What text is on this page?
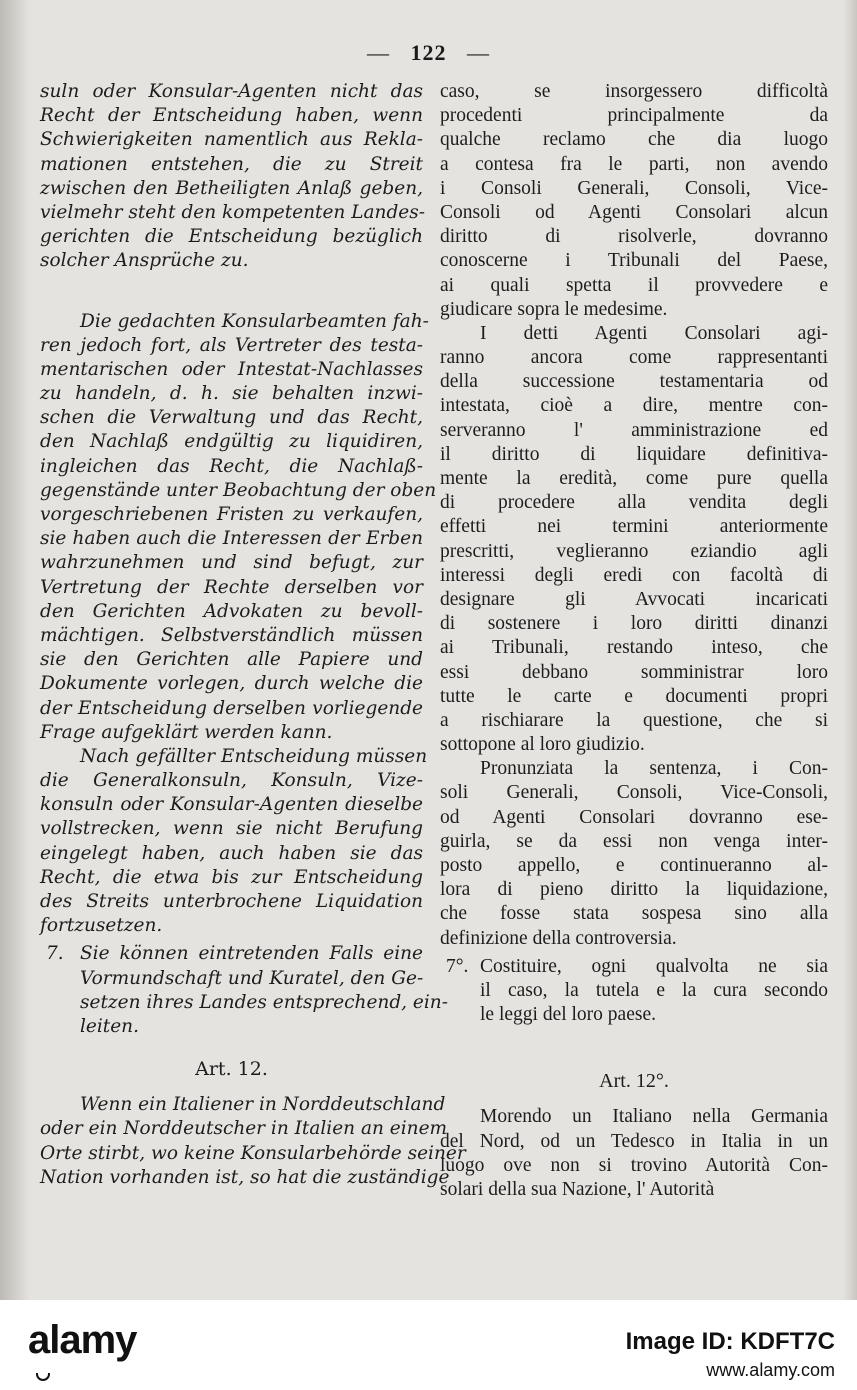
— 122 —
suln oder Konsular-Agenten nicht das
Recht der Entscheidung haben, wenn
Schwierigkeiten namentlich aus Rekla-
mationen entstehen, die zu Streit
zwischen den Betheiligten Anlaß geben,
vielmehr steht den kompetenten Landes-
gerichten die Entscheidung bezüglich
solcher Ansprüche zu.
Die gedachten Konsularbeamten fah-
ren jedoch fort, als Vertreter des testa-
mentarischen oder Intestat-Nachlasses
zu handeln, d. h. sie behalten inzwi-
schen die Verwaltung und das Recht,
den Nachlaß endgültig zu liquidiren,
ingleichen das Recht, die Nachlaß-
gegenstände unter Beobachtung der oben
vorgeschriebenen Fristen zu verkaufen,
sie haben auch die Interessen der Erben
wahrzunehmen und sind befugt, zur
Vertretung der Rechte derselben vor
den Gerichten Advokaten zu bevoll-
mächtigen. Selbstverständlich müssen
sie den Gerichten alle Papiere und
Dokumente vorlegen, durch welche die
der Entscheidung derselben vorliegende
Frage aufgeklärt werden kann.
Nach gefällter Entscheidung müssen
die Generalkonsuln, Konsuln, Vize-
konsuln oder Konsular-Agenten dieselbe
vollstrecken, wenn sie nicht Berufung
eingelegt haben, auch haben sie das
Recht, die etwa bis zur Entscheidung
des Streits unterbrochene Liquidation
fortzusetzen.
7. Sie können eintretenden Falls eine
Vormundschaft und Kuratel, den Ge-
setzen ihres Landes entsprechend, ein-
leiten.
Art. 12.
Wenn ein Italiener in Norddeutschland
oder ein Norddeutscher in Italien an einem
Orte stirbt, wo keine Konsularbehörde seiner
Nation vorhanden ist, so hat die zuständige
caso, se insorgessero difficoltà
procedenti principalmente da
qualche reclamo che dia luogo
a contesa fra le parti, non avendo
i Consoli Generali, Consoli, Vice-
Consoli od Agenti Consolari alcun
diritto di risolverle, dovranno
conoscerne i Tribunali del Paese,
ai quali spetta il provvedere e
giudicare sopra le medesime.
I detti Agenti Consolari agi-
ranno ancora come rappresentanti
della successione testamentaria od
intestata, cioè a dire, mentre con-
serveranno l' amministrazione ed
il diritto di liquidare definitiva-
mente la eredità, come pure quella
di procedere alla vendita degli
effetti nei termini anteriormente
prescritti, veglieranno eziandio agli
interessi degli eredi con facoltà di
designare gli Avvocati incaricati
di sostenere i loro diritti dinanzi
ai Tribunali, restando inteso, che
essi debbano somministrar loro
tutte le carte e documenti propri
a rischiarare la questione, che si
sottopone al loro giudizio.
Pronunziata la sentenza, i Con-
soli Generali, Consoli, Vice-Consoli,
od Agenti Consolari dovranno ese-
guirla, se da essi non venga inter-
posto appello, e continueranno al-
lora di pieno diritto la liquidazione,
che fosse stata sospesa sino alla
definizione della controversia.
7°. Costituire, ogni qualvolta ne sia
il caso, la tutela e la cura secondo
le leggi del loro paese.
Art. 12°.
Morendo un Italiano nella Germania
del Nord, od un Tedesco in Italia in un
luogo ove non si trovino Autorità Con-
solari della sua Nazione, l' Autorità
alamy	Image ID: KDFT7C
www.alamy.com
